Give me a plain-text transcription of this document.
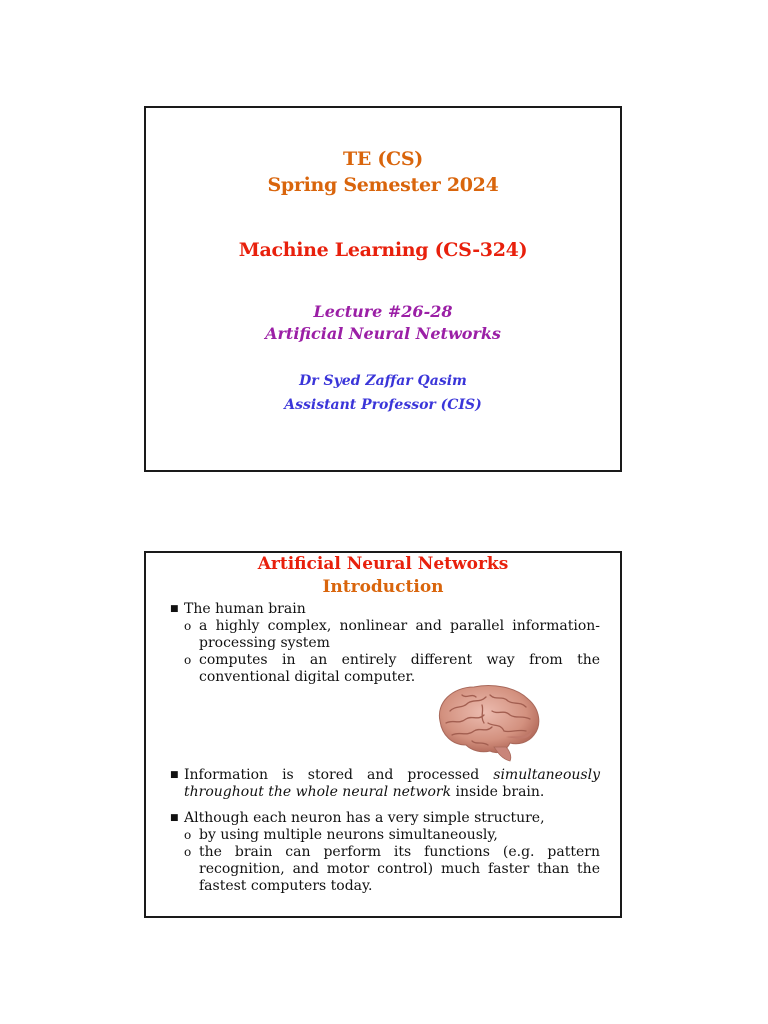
TE (CS)
Spring Semester 2024
Machine Learning (CS-324)
Lecture #26-28
Artificial Neural Networks
Dr Syed Zaffar Qasim
Assistant Professor (CIS)
Artificial Neural Networks
Introduction
■ The human brain
o a highly complex, nonlinear and parallel information-processing system
o computes in an entirely different way from the conventional digital computer.
■ Information is stored and processed simultaneously throughout the whole neural network inside brain.
■ Although each neuron has a very simple structure,
o by using multiple neurons simultaneously,
o the brain can perform its functions (e.g. pattern recognition, and motor control) much faster than the fastest computers today.
